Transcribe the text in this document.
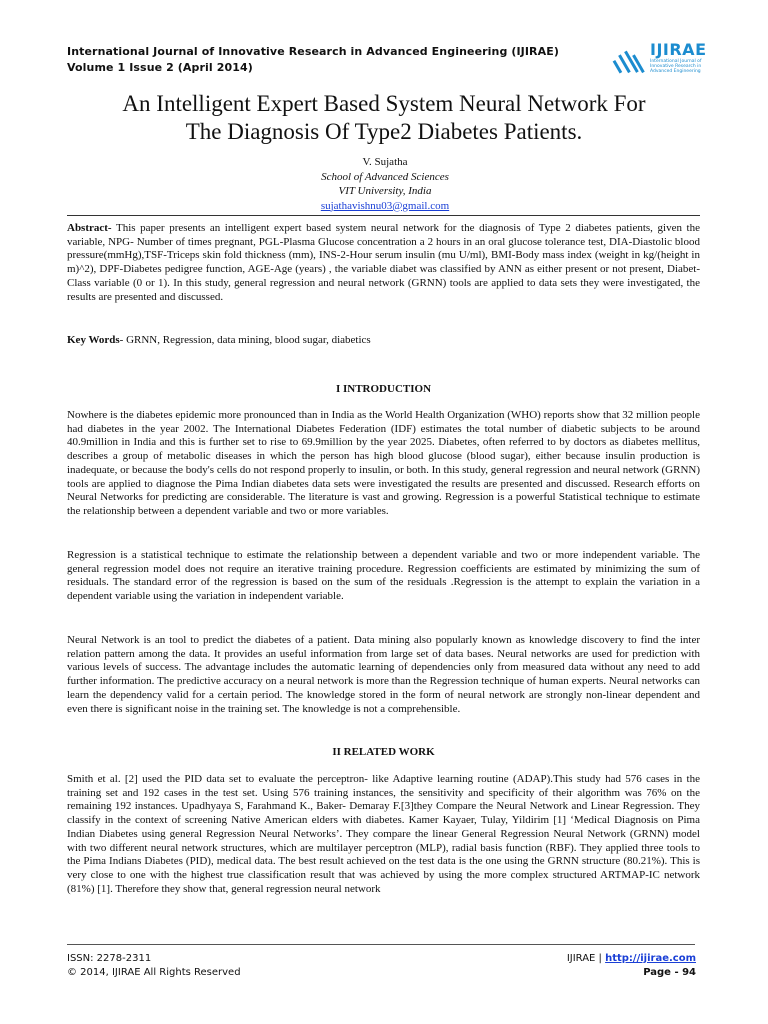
International Journal of Innovative Research in Advanced Engineering (IJIRAE)
Volume 1 Issue 2 (April 2014)
IJIRAE
International Journal of Innovative Research in Advanced Engineering
An Intelligent Expert Based System Neural Network For
The Diagnosis Of Type2 Diabetes Patients.
V. Sujatha
School of Advanced Sciences
VIT University, India
sujathavishnu03@gmail.com
Abstract- This paper presents an intelligent expert based system neural network for the diagnosis of Type 2 diabetes patients, given the variable, NPG- Number of times pregnant, PGL-Plasma Glucose concentration a 2 hours in an oral glucose tolerance test, DIA-Diastolic blood pressure(mmHg),TSF-Triceps skin fold thickness (mm), INS-2-Hour serum insulin (mu U/ml), BMI-Body mass index (weight in kg/(height in m)^2), DPF-Diabetes pedigree function, AGE-Age (years) , the variable diabet was classified by ANN as either present or not present, Diabet- Class variable (0 or 1). In this study, general regression and neural network (GRNN) tools are applied to data sets they were investigated, the results are presented and discussed.
Key Words- GRNN, Regression, data mining, blood sugar, diabetics
I INTRODUCTION
Nowhere is the diabetes epidemic more pronounced than in India as the World Health Organization (WHO) reports show that 32 million people had diabetes in the year 2002. The International Diabetes Federation (IDF) estimates the total number of diabetic subjects to be around 40.9million in India and this is further set to rise to 69.9million by the year 2025. Diabetes, often referred to by doctors as diabetes mellitus, describes a group of metabolic diseases in which the person has high blood glucose (blood sugar), either because insulin production is inadequate, or because the body's cells do not respond properly to insulin, or both. In this study, general regression and neural network (GRNN) tools are applied to diagnose the Pima Indian diabetes data sets were investigated the results are presented and discussed. Research efforts on Neural Networks for predicting are considerable. The literature is vast and growing. Regression is a powerful Statistical technique to estimate the relationship between a dependent variable and two or more variables.
Regression is a statistical technique to estimate the relationship between a dependent variable and two or more independent variable. The general regression model does not require an iterative training procedure. Regression coefficients are estimated by minimizing the sum of residuals. The standard error of the regression is based on the sum of the residuals .Regression is the attempt to explain the variation in a dependent variable using the variation in independent variable.
Neural Network is an tool to predict the diabetes of a patient. Data mining also popularly known as knowledge discovery to find the inter relation pattern among the data. It provides an useful information from large set of data bases. Neural networks are used for prediction with various levels of success. The advantage includes the automatic learning of dependencies only from measured data without any need to add further information. The predictive accuracy on a neural network is more than the Regression technique of human experts. Neural networks can learn the dependency valid for a certain period. The knowledge stored in the form of neural network are strongly non-linear dependent and even there is significant noise in the training set. The knowledge is not a comprehensible.
II RELATED WORK
Smith et al. [2] used the PID data set to evaluate the perceptron- like Adaptive learning routine (ADAP).This study had 576 cases in the training set and 192 cases in the test set. Using 576 training instances, the sensitivity and specificity of their algorithm was 76% on the remaining 192 instances. Upadhyaya S, Farahmand K., Baker- Demaray F.[3]they Compare the Neural Network and Linear Regression. They classify in the context of screening Native American elders with diabetes. Kamer Kayaer, Tulay, Yildirim [1] ‘Medical Diagnosis on Pima Indian Diabetes using general Regression Neural Networks’. They compare the linear General Regression Neural Network (GRNN) model with two different neural network structures, which are multilayer perceptron (MLP), radial basis function (RBF). They applied three tools to the Pima Indians Diabetes (PID), medical data. The best result achieved on the test data is the one using the GRNN structure (80.21%). This is very close to one with the highest true classification result that was achieved by using the more complex structured ARTMAP-IC network (81%) [1]. Therefore they show that, general regression neural network
ISSN: 2278-2311
© 2014, IJIRAE All Rights Reserved
IJIRAE | http://ijirae.com
Page - 94
